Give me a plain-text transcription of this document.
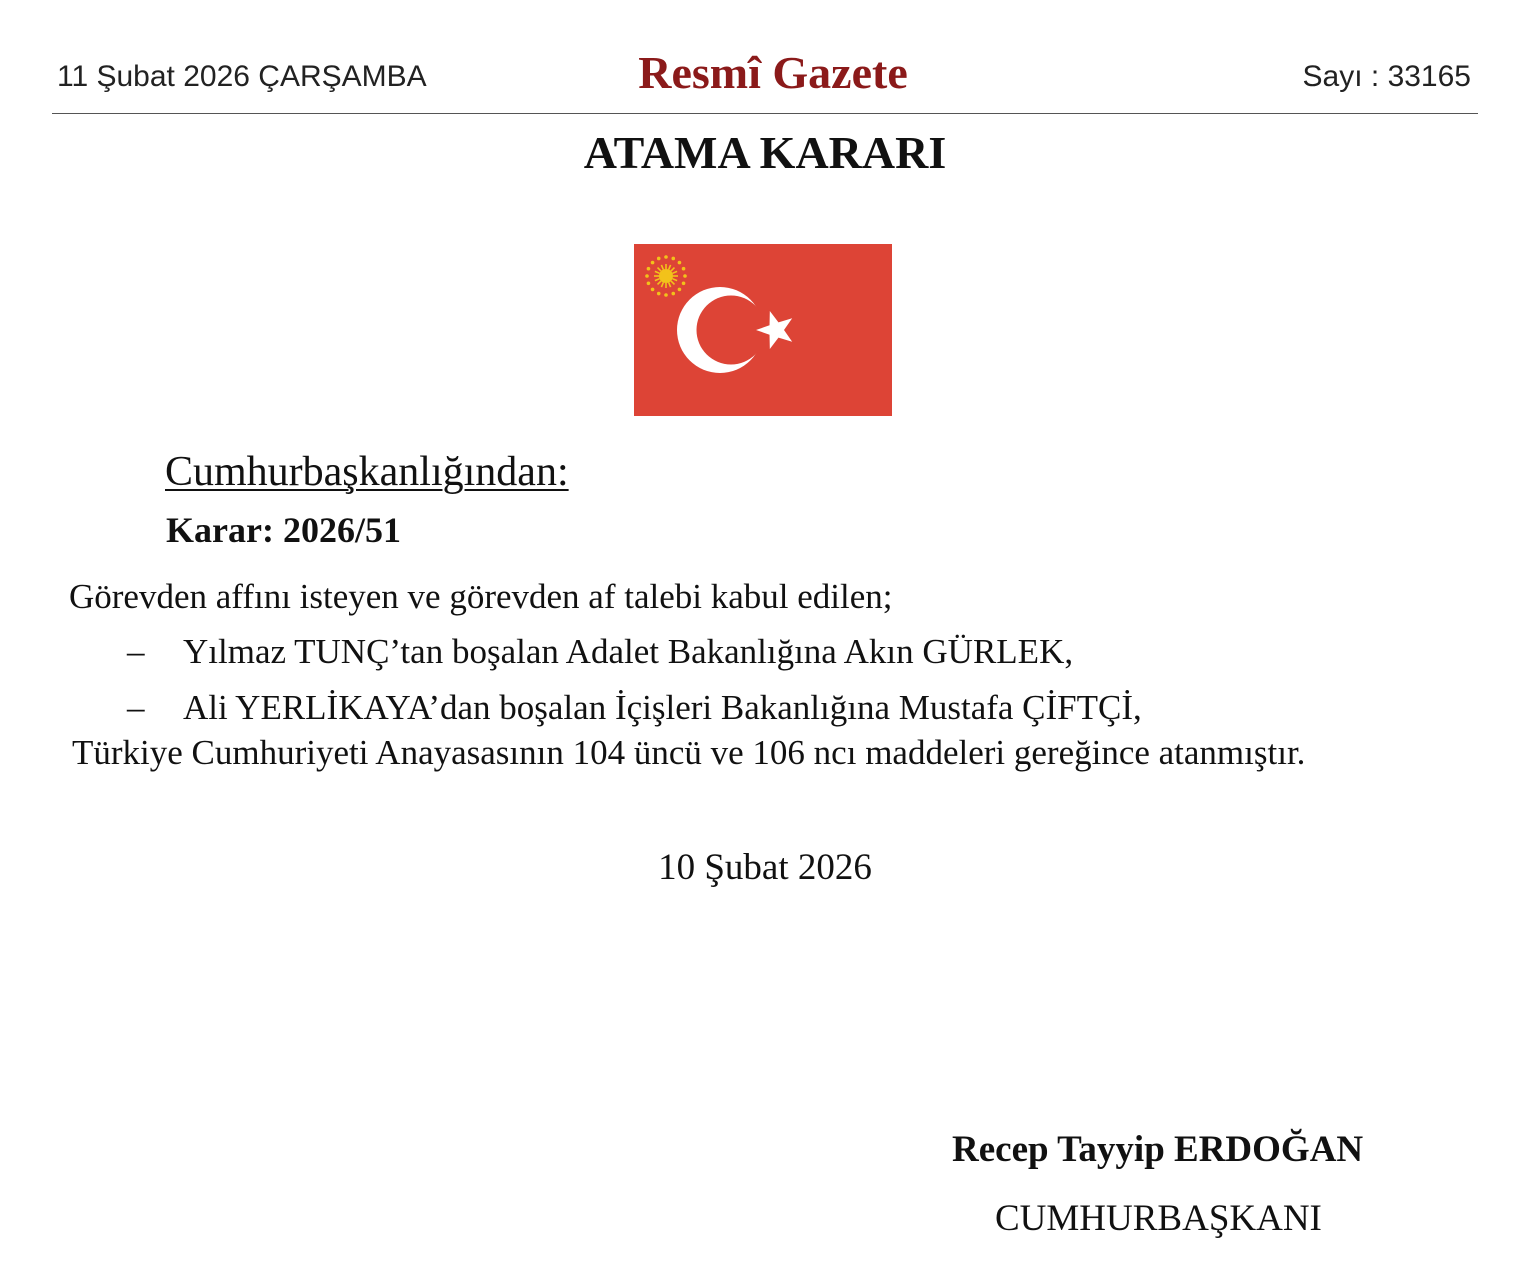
11 Şubat 2026 ÇARŞAMBA	Resmî Gazete	Sayı : 33165
ATAMA KARARI
Cumhurbaşkanlığından:
Karar: 2026/51
Görevden affını isteyen ve görevden af talebi kabul edilen;
– Yılmaz TUNÇ’tan boşalan Adalet Bakanlığına Akın GÜRLEK,
– Ali YERLİKAYA’dan boşalan İçişleri Bakanlığına Mustafa ÇİFTÇİ,
Türkiye Cumhuriyeti Anayasasının 104 üncü ve 106 ncı maddeleri gereğince atanmıştır.
10 Şubat 2026
Recep Tayyip ERDOĞAN
CUMHURBAŞKANI
